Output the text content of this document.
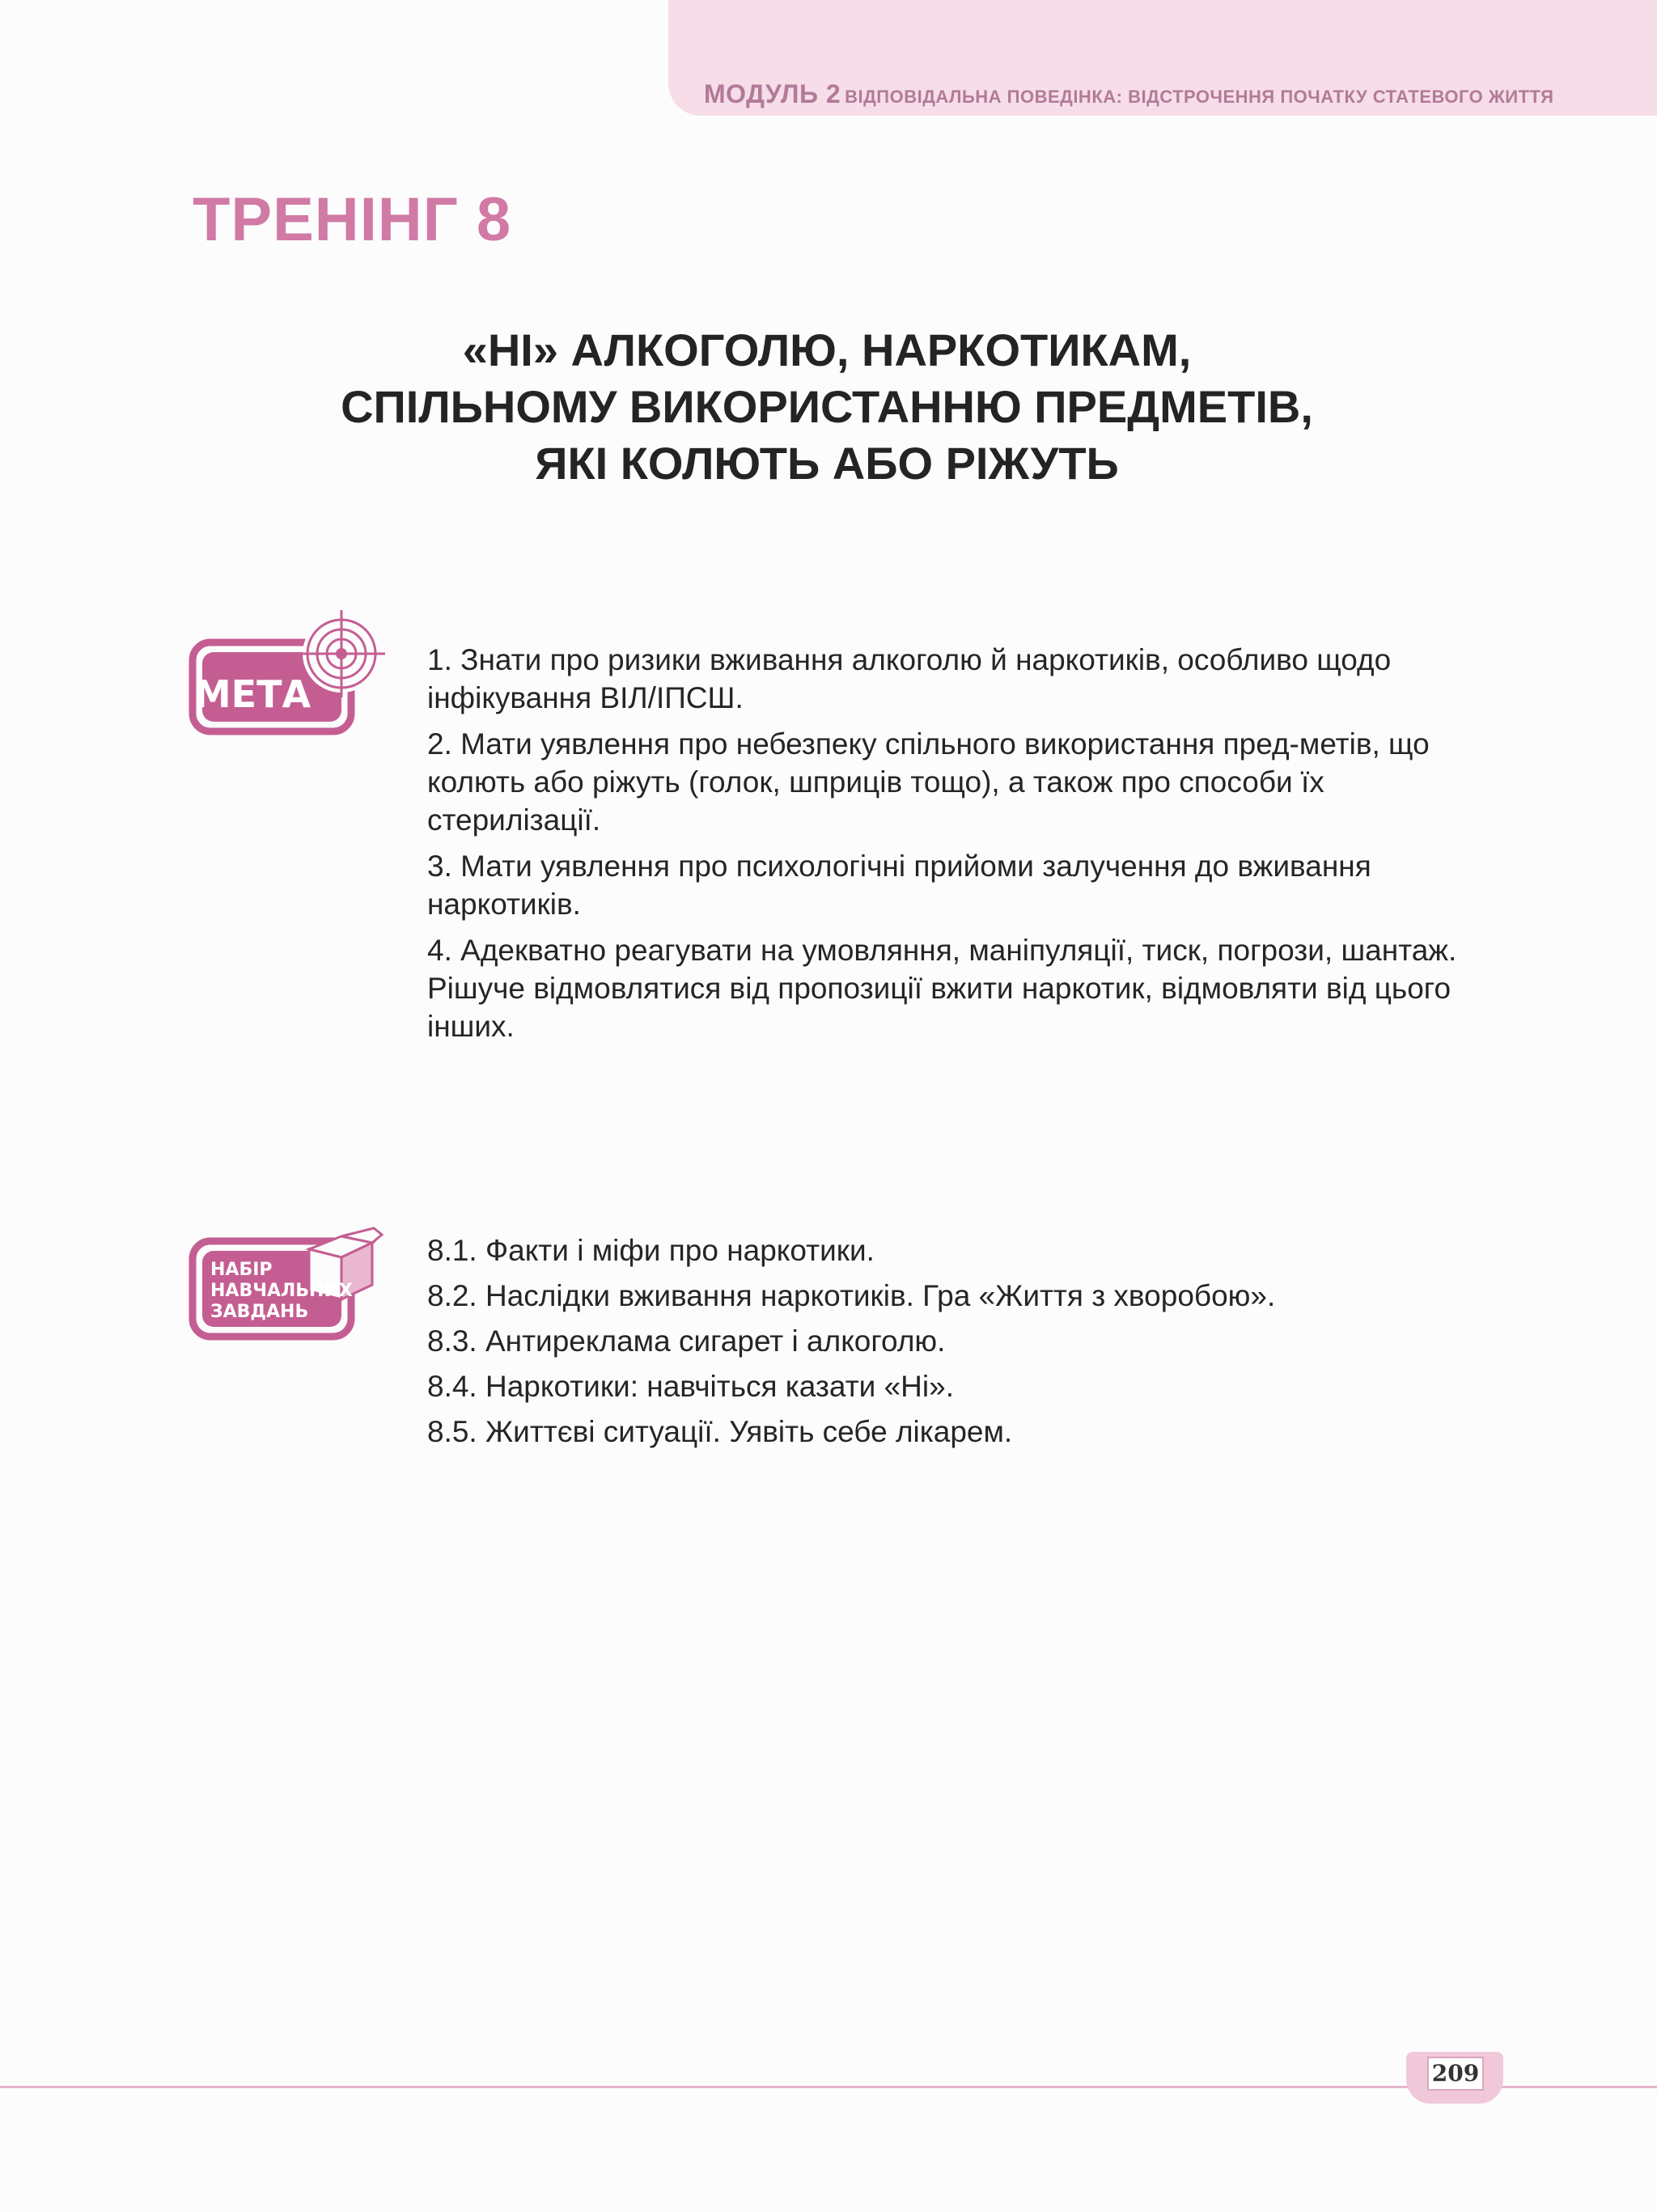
МОДУЛЬ 2 ВІДПОВІДАЛЬНА ПОВЕДІНКА: ВІДСТРОЧЕННЯ ПОЧАТКУ СТАТЕВОГО ЖИТТЯ
ТРЕНІНГ 8
«НІ» АЛКОГОЛЮ, НАРКОТИКАМ,
СПІЛЬНОМУ ВИКОРИСТАННЮ ПРЕДМЕТІВ,
ЯКІ КОЛЮТЬ АБО РІЖУТЬ
МЕТА

1. Знати про ризики вживання алкоголю й наркотиків, особливо щодо інфікування ВІЛ/ІПСШ.

2. Мати уявлення про небезпеку спільного використання пред-метів, що колють або ріжуть (голок, шприців тощо), а також про способи їх стерилізації.

3. Мати уявлення про психологічні прийоми залучення до вживання наркотиків.

4. Адекватно реагувати на умовляння, маніпуляції, тиск, погрози, шантаж. Рішуче відмовлятися від пропозиції вжити наркотик, відмовляти від цього інших.

НАБІР НАВЧАЛЬНИХ ЗАВДАНЬ
8.1. Факти і міфи про наркотики.
8.2. Наслідки вживання наркотиків. Гра «Життя з хворобою».
8.3. Антиреклама сигарет і алкоголю.
8.4. Наркотики: навчіться казати «Ні».
8.5. Життєві ситуації. Уявіть себе лікарем.
209
